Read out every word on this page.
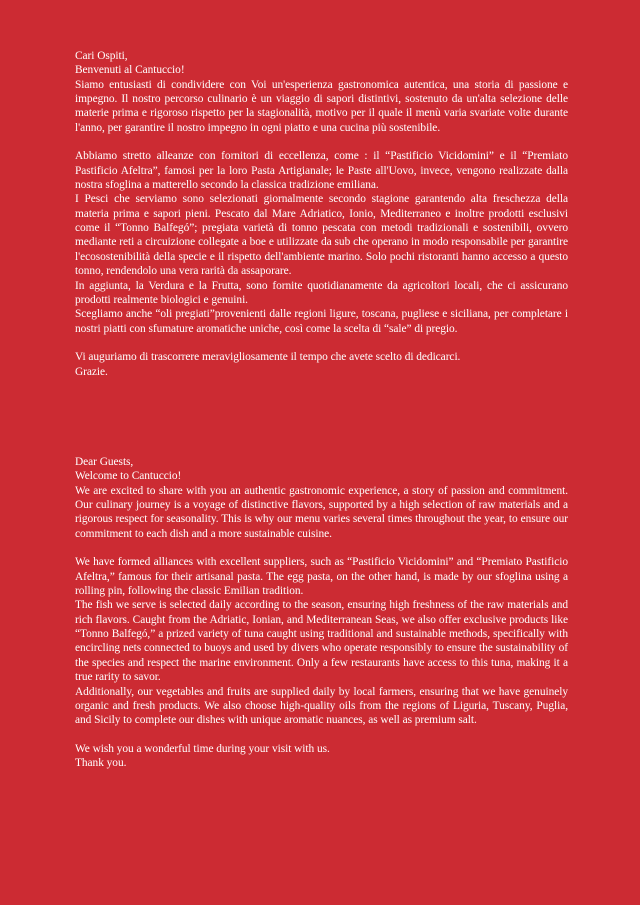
Cari Ospiti,

Benvenuti al Cantuccio!

Siamo entusiasti di condividere con Voi un'esperienza gastronomica autentica, una storia di passione e impegno. Il nostro percorso culinario è un viaggio di sapori distintivi, sostenuto da un'alta selezione delle materie prima e rigoroso rispetto per la stagionalità, motivo per il quale il menù varia svariate volte durante l'anno, per garantire il nostro impegno in ogni piatto e una cucina più sostenibile.

Abbiamo stretto alleanze con fornitori di eccellenza, come : il “Pastificio Vicidomini” e il “Premiato Pastificio Afeltra”, famosi per la loro Pasta Artigianale; le Paste all'Uovo, invece, vengono realizzate dalla nostra sfoglina a matterello secondo la classica tradizione emiliana.

I Pesci che serviamo sono selezionati giornalmente secondo stagione garantendo alta freschezza della materia prima e sapori pieni. Pescato dal Mare Adriatico, Ionio, Mediterraneo e inoltre prodotti esclusivi come il “Tonno Balfegó”; pregiata varietà di tonno pescata con metodi tradizionali e sostenibili, ovvero mediante reti a circuizione collegate a boe e utilizzate da sub che operano in modo responsabile per garantire l'ecosostenibilità della specie e il rispetto dell'ambiente marino. Solo pochi ristoranti hanno accesso a questo tonno, rendendolo una vera rarità da assaporare.

In aggiunta, la Verdura e la Frutta, sono fornite quotidianamente da agricoltori locali, che ci assicurano prodotti realmente biologici e genuini.

Scegliamo anche “oli pregiati”provenienti dalle regioni ligure, toscana, pugliese e siciliana, per completare i nostri piatti con sfumature aromatiche uniche, così come la scelta di “sale” di pregio.

Vi auguriamo di trascorrere meravigliosamente il tempo che avete scelto di dedicarci.

Grazie.

Dear Guests,

Welcome to Cantuccio!

We are excited to share with you an authentic gastronomic experience, a story of passion and commitment. Our culinary journey is a voyage of distinctive flavors, supported by a high selection of raw materials and a rigorous respect for seasonality. This is why our menu varies several times throughout the year, to ensure our commitment to each dish and a more sustainable cuisine.

We have formed alliances with excellent suppliers, such as “Pastificio Vicidomini” and “Premiato Pastificio Afeltra,” famous for their artisanal pasta. The egg pasta, on the other hand, is made by our sfoglina using a rolling pin, following the classic Emilian tradition.

The fish we serve is selected daily according to the season, ensuring high freshness of the raw materials and rich flavors. Caught from the Adriatic, Ionian, and Mediterranean Seas, we also offer exclusive products like “Tonno Balfegó,” a prized variety of tuna caught using traditional and sustainable methods, specifically with encircling nets connected to buoys and used by divers who operate responsibly to ensure the sustainability of the species and respect the marine environment. Only a few restaurants have access to this tuna, making it a true rarity to savor.

Additionally, our vegetables and fruits are supplied daily by local farmers, ensuring that we have genuinely organic and fresh products. We also choose high-quality oils from the regions of Liguria, Tuscany, Puglia, and Sicily to complete our dishes with unique aromatic nuances, as well as premium salt.

We wish you a wonderful time during your visit with us.

Thank you.
